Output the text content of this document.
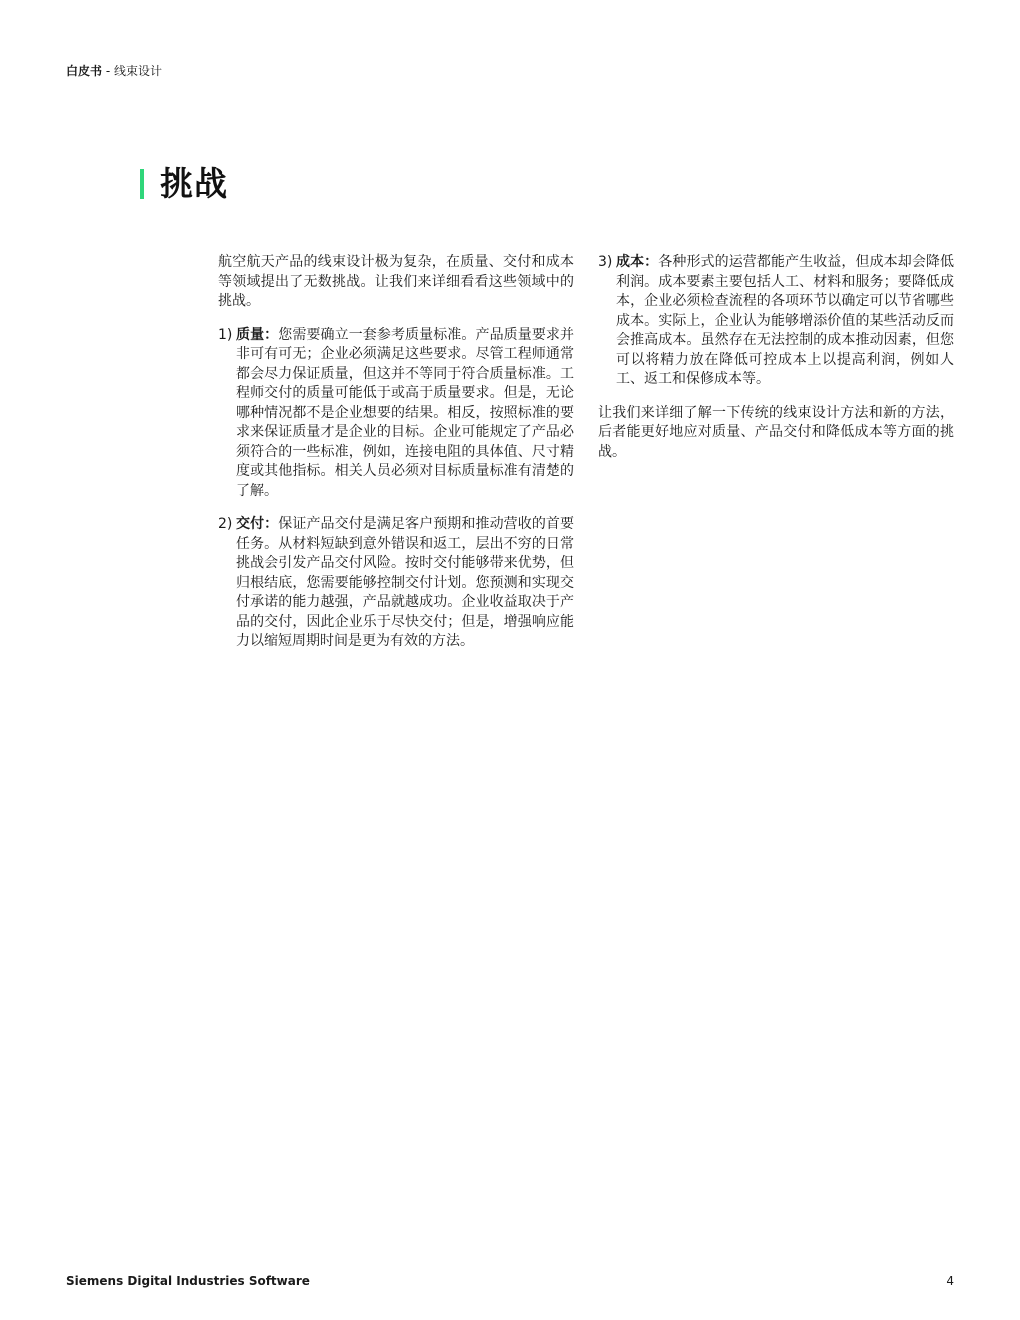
白皮书 - 线束设计
挑战

航空航天产品的线束设计极为复杂，在质量、交付和成本等领域提出了无数挑战。让我们来详细看看这些领域中的挑战。

1) 质量：您需要确立一套参考质量标准。产品质量要求并非可有可无；企业必须满足这些要求。尽管工程师通常都会尽力保证质量，但这并不等同于符合质量标准。工程师交付的质量可能低于或高于质量要求。但是，无论哪种情况都不是企业想要的结果。相反，按照标准的要求来保证质量才是企业的目标。企业可能规定了产品必须符合的一些标准，例如，连接电阻的具体值、尺寸精度或其他指标。相关人员必须对目标质量标准有清楚的了解。
2) 交付：保证产品交付是满足客户预期和推动营收的首要任务。从材料短缺到意外错误和返工，层出不穷的日常挑战会引发产品交付风险。按时交付能够带来优势，但归根结底，您需要能够控制交付计划。您预测和实现交付承诺的能力越强，产品就越成功。企业收益取决于产品的交付，因此企业乐于尽快交付；但是，增强响应能力以缩短周期时间是更为有效的方法。
3) 成本：各种形式的运营都能产生收益，但成本却会降低利润。成本要素主要包括人工、材料和服务；要降低成本，企业必须检查流程的各项环节以确定可以节省哪些成本。实际上，企业认为能够增添价值的某些活动反而会推高成本。虽然存在无法控制的成本推动因素，但您可以将精力放在降低可控成本上以提高利润，例如人工、返工和保修成本等。

让我们来详细了解一下传统的线束设计方法和新的方法，后者能更好地应对质量、产品交付和降低成本等方面的挑战。

Siemens Digital Industries Software	4
